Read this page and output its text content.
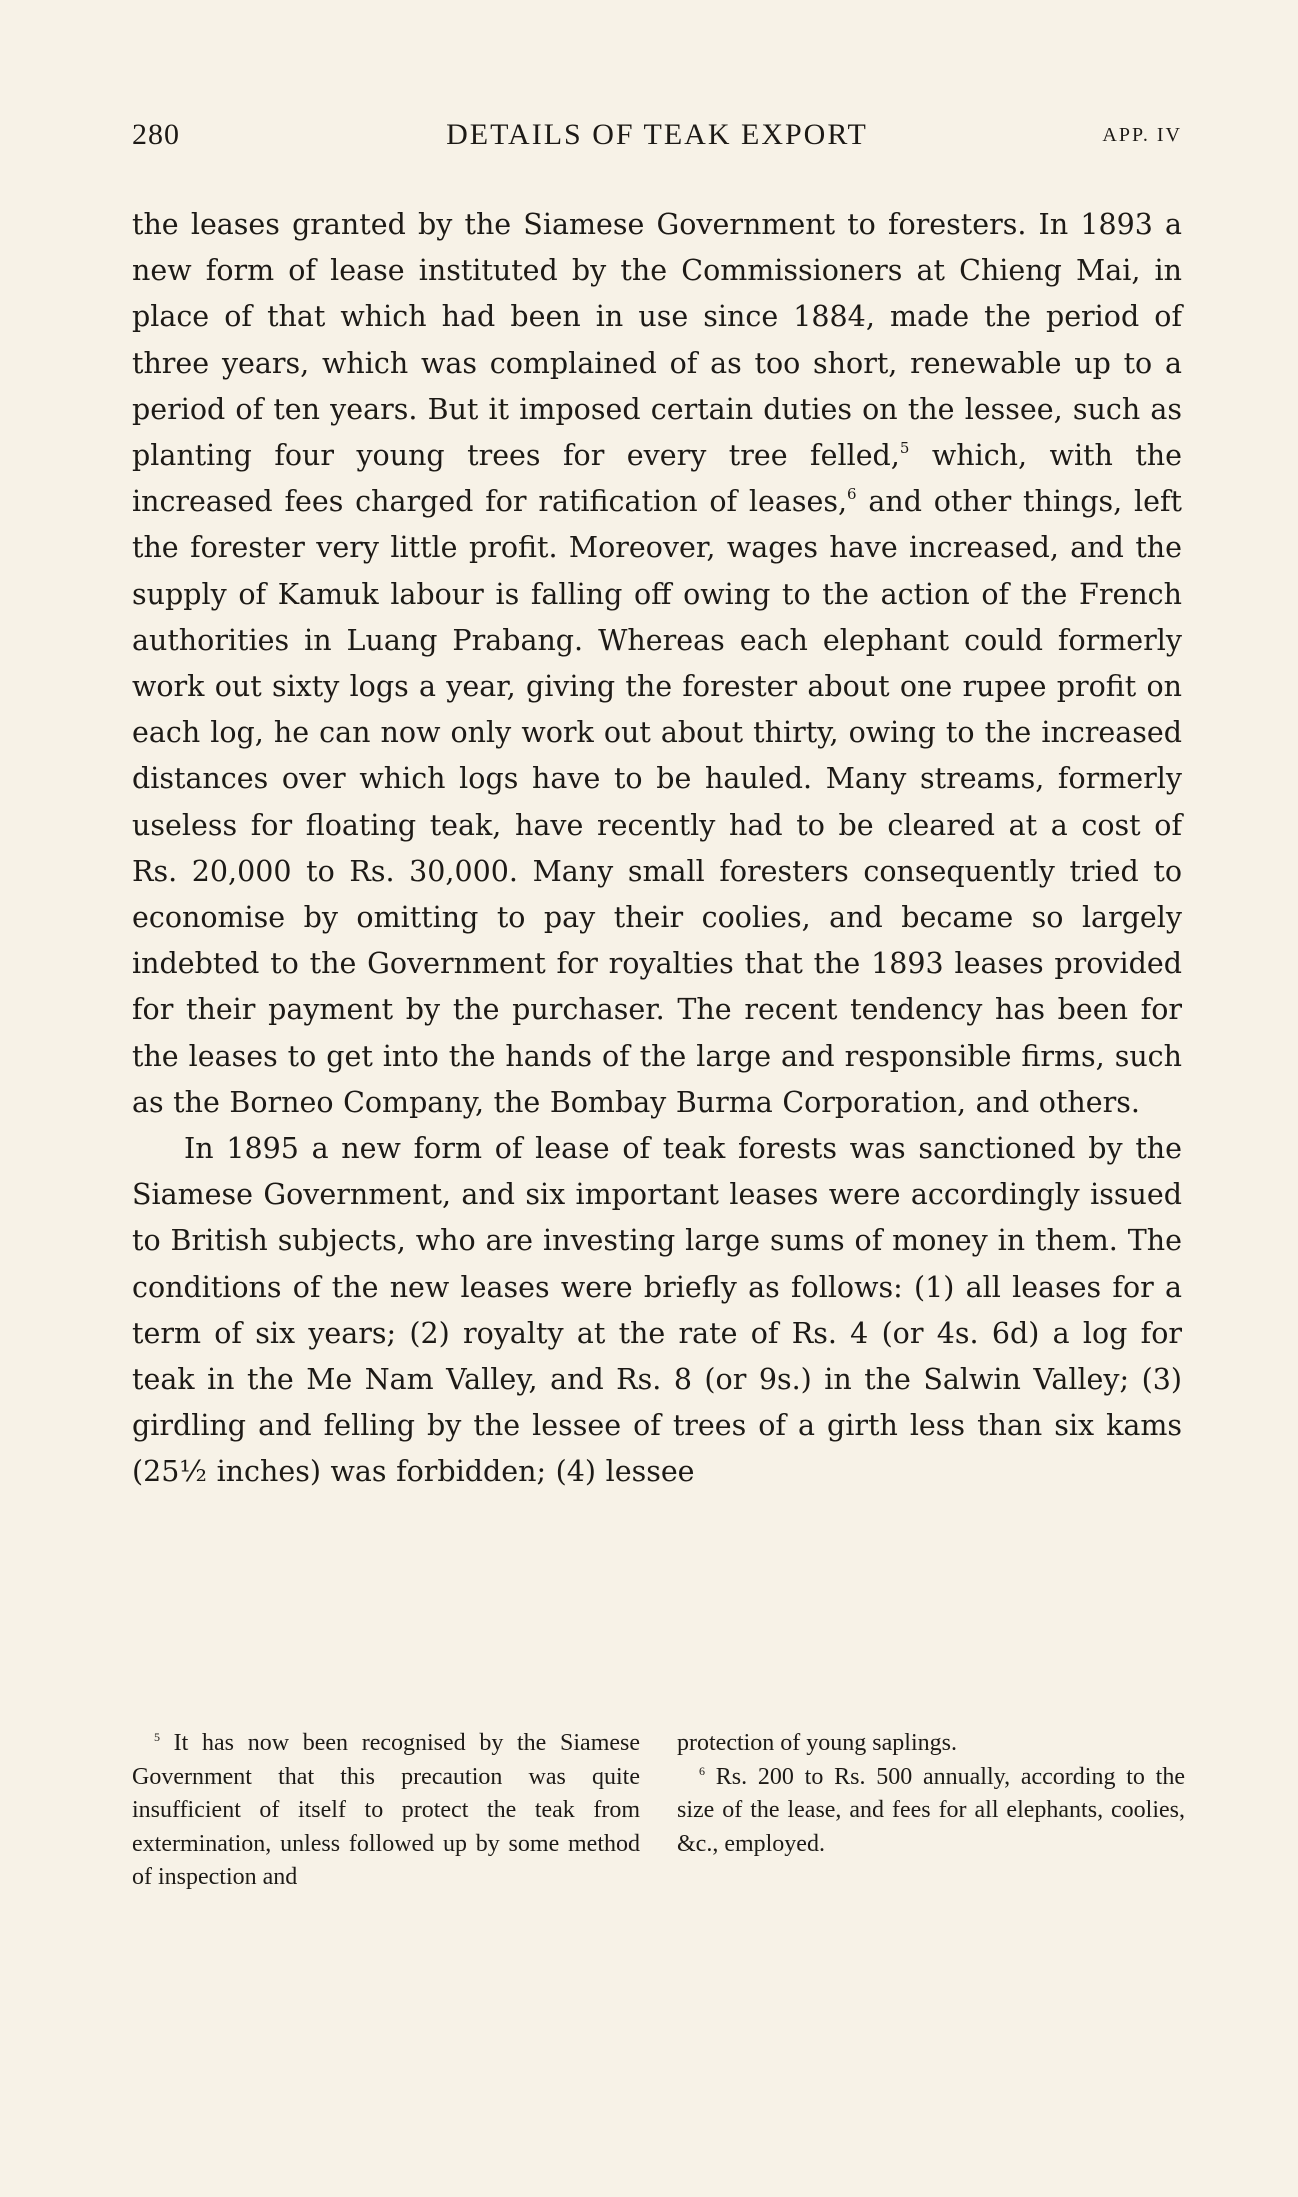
280	DETAILS OF TEAK EXPORT	APP. IV

the leases granted by the Siamese Government to foresters. In 1893 a new form of lease instituted by the Commissioners at Chieng Mai, in place of that which had been in use since 1884, made the period of three years, which was complained of as too short, renewable up to a period of ten years. But it imposed certain duties on the lessee, such as planting four young trees for every tree felled,$^5$ which, with the increased fees charged for ratification of leases,$^6$ and other things, left the forester very little profit. Moreover, wages have increased, and the supply of Kamuk labour is falling off owing to the action of the French authorities in Luang Prabang. Whereas each elephant could formerly work out sixty logs a year, giving the forester about one rupee profit on each log, he can now only work out about thirty, owing to the increased distances over which logs have to be hauled. Many streams, formerly useless for floating teak, have recently had to be cleared at a cost of Rs. 20,000 to Rs. 30,000. Many small foresters consequently tried to economise by omitting to pay their coolies, and became so largely indebted to the Government for royalties that the 1893 leases provided for their payment by the purchaser. The recent tendency has been for the leases to get into the hands of the large and responsible firms, such as the Borneo Company, the Bombay Burma Corporation, and others.

In 1895 a new form of lease of teak forests was sanctioned by the Siamese Government, and six important leases were accordingly issued to British subjects, who are investing large sums of money in them. The conditions of the new leases were briefly as follows: (1) all leases for a term of six years; (2) royalty at the rate of Rs. 4 (or 4s. 6d) a log for teak in the Me Nam Valley, and Rs. 8 (or 9s.) in the Salwin Valley; (3) girdling and felling by the lessee of trees of a girth less than six kams (25½ inches) was forbidden; (4) lessee

$^5$ It has now been recognised by the Siamese Government that this precaution was quite insufficient of itself to protect the teak from extermination, unless followed up by some method of inspection and

protection of young saplings.

$^6$ Rs. 200 to Rs. 500 annually, according to the size of the lease, and fees for all elephants, coolies, &c., employed.
